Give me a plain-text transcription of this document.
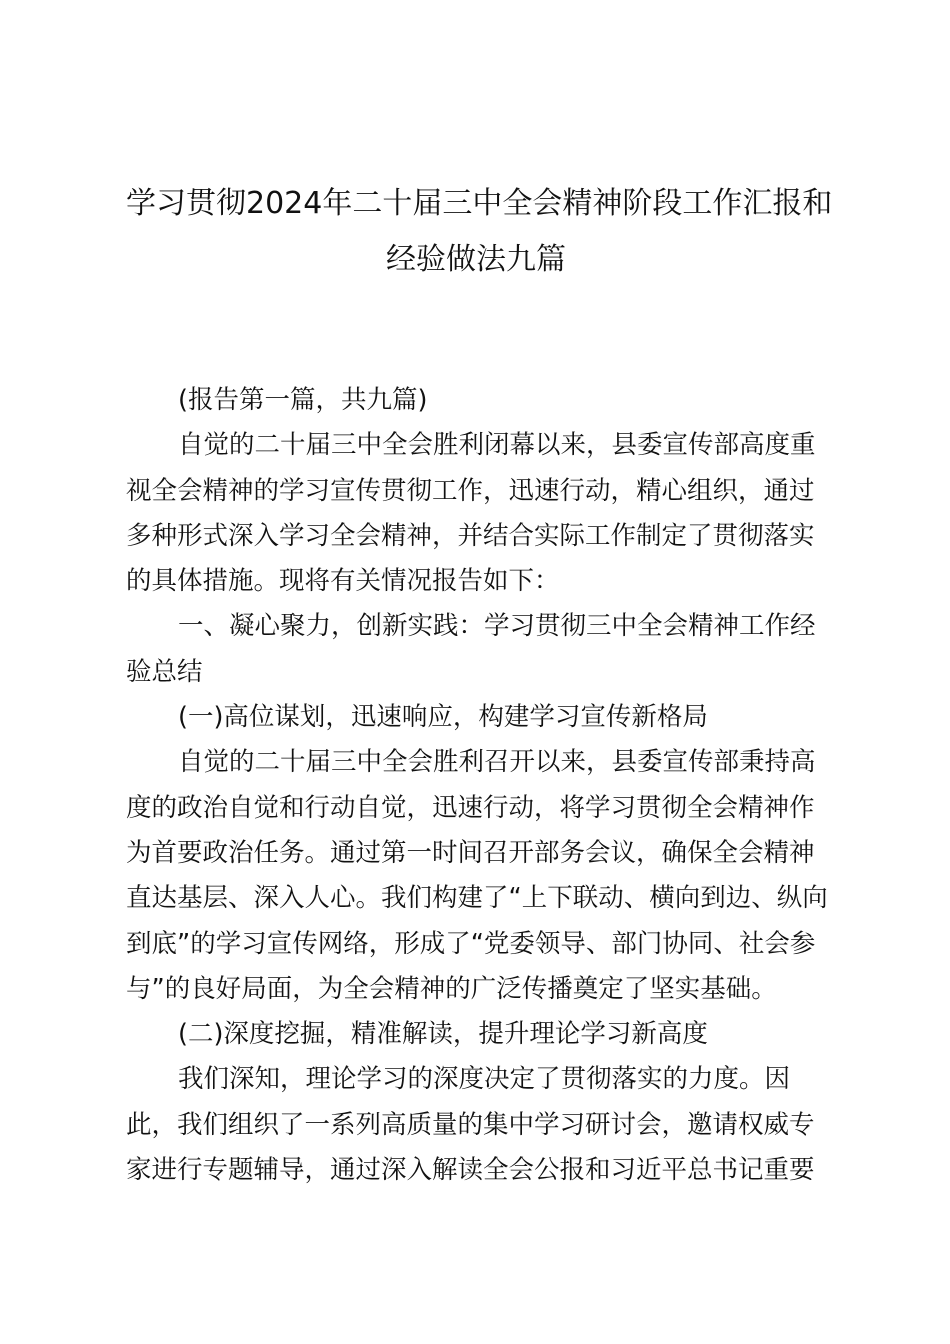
学习贯彻2024年二十届三中全会精神阶段工作汇报和
经验做法九篇
(报告第一篇，共九篇)
自觉的二十届三中全会胜利闭幕以来，县委宣传部高度重
视全会精神的学习宣传贯彻工作，迅速行动，精心组织，通过
多种形式深入学习全会精神，并结合实际工作制定了贯彻落实
的具体措施。现将有关情况报告如下：
一、凝心聚力，创新实践：学习贯彻三中全会精神工作经
验总结
(一)高位谋划，迅速响应，构建学习宣传新格局
自觉的二十届三中全会胜利召开以来，县委宣传部秉持高
度的政治自觉和行动自觉，迅速行动，将学习贯彻全会精神作
为首要政治任务。通过第一时间召开部务会议，确保全会精神
直达基层、深入人心。我们构建了“上下联动、横向到边、纵向
到底”的学习宣传网络，形成了“党委领导、部门协同、社会参
与”的良好局面，为全会精神的广泛传播奠定了坚实基础。
(二)深度挖掘，精准解读，提升理论学习新高度
我们深知，理论学习的深度决定了贯彻落实的力度。因
此，我们组织了一系列高质量的集中学习研讨会，邀请权威专
家进行专题辅导，通过深入解读全会公报和习近平总书记重要
